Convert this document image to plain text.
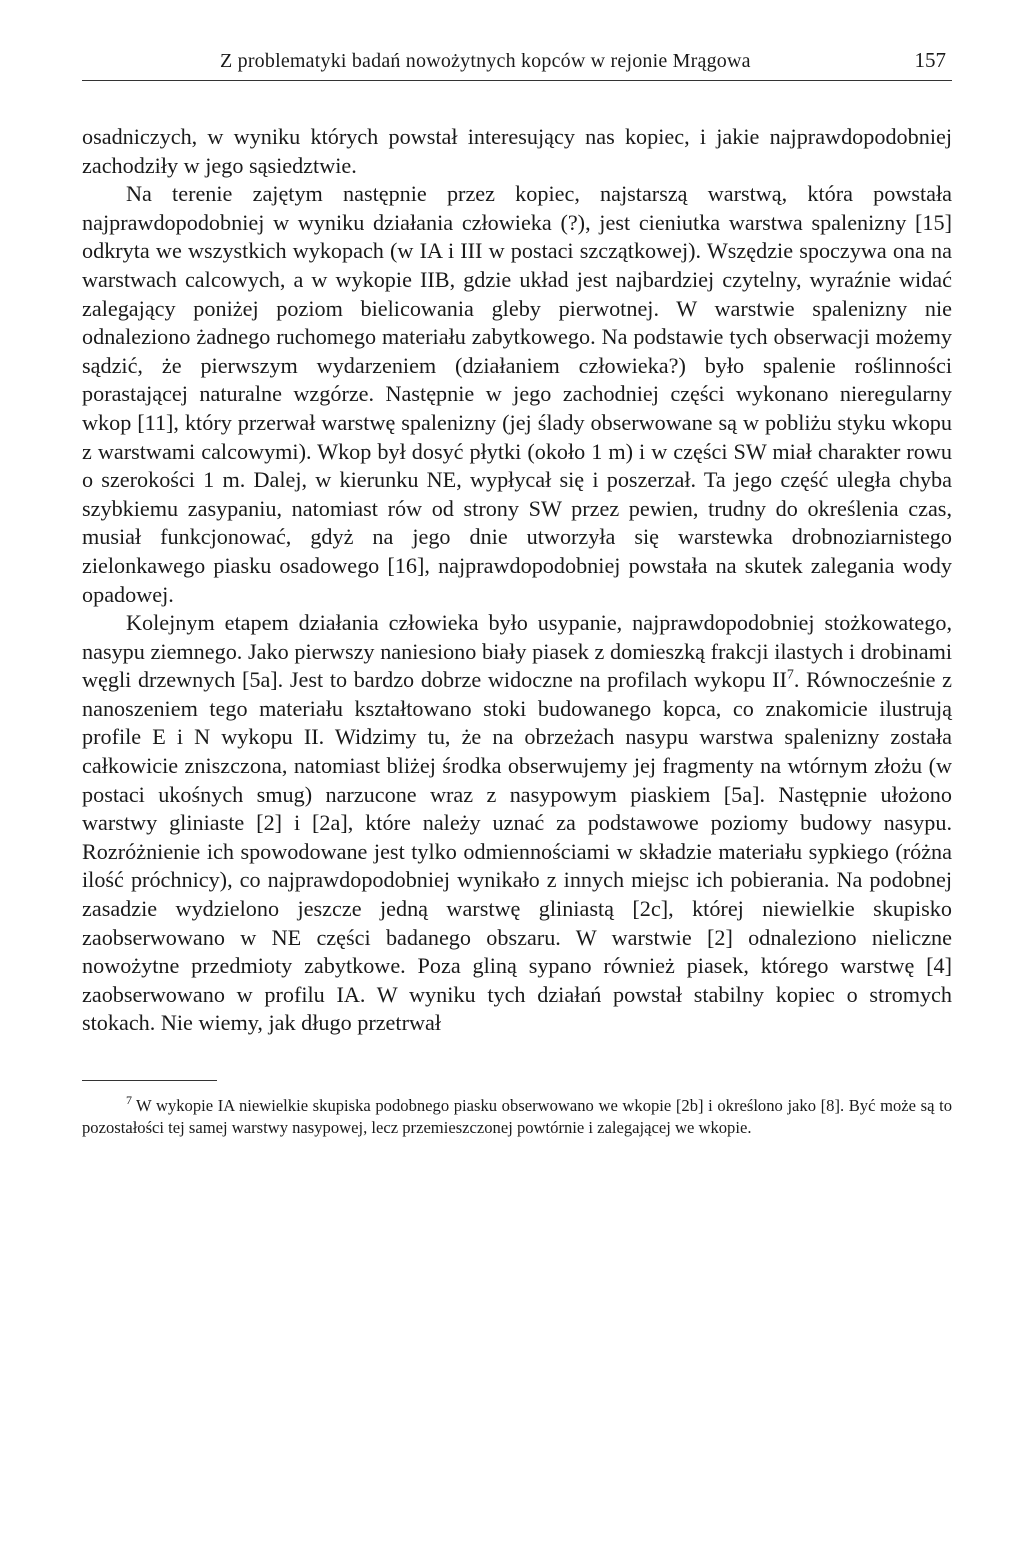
Z problematyki badań nowożytnych kopców w rejonie Mrągowa	157

osadniczych, w wyniku których powstał interesujący nas kopiec, i jakie najprawdopodobniej zachodziły w jego sąsiedztwie.

Na terenie zajętym następnie przez kopiec, najstarszą warstwą, która powstała najprawdopodobniej w wyniku działania człowieka (?), jest cieniutka warstwa spalenizny [15] odkryta we wszystkich wykopach (w IA i III w postaci szczątkowej). Wszędzie spoczywa ona na warstwach calcowych, a w wykopie IIB, gdzie układ jest najbardziej czytelny, wyraźnie widać zalegający poniżej poziom bielicowania gleby pierwotnej. W warstwie spalenizny nie odnaleziono żadnego ruchomego materiału zabytkowego. Na podstawie tych obserwacji możemy sądzić, że pierwszym wydarzeniem (działaniem człowieka?) było spalenie roślinności porastającej naturalne wzgórze. Następnie w jego zachodniej części wykonano nieregularny wkop [11], który przerwał warstwę spalenizny (jej ślady obserwowane są w pobliżu styku wkopu z warstwami calcowymi). Wkop był dosyć płytki (około 1 m) i w części SW miał charakter rowu o szerokości 1 m. Dalej, w kierunku NE, wypłycał się i poszerzał. Ta jego część uległa chyba szybkiemu zasypaniu, natomiast rów od strony SW przez pewien, trudny do określenia czas, musiał funkcjonować, gdyż na jego dnie utworzyła się warstewka drobnoziarnistego zielonkawego piasku osadowego [16], najprawdopodobniej powstała na skutek zalegania wody opadowej.

Kolejnym etapem działania człowieka było usypanie, najprawdopodobniej stożkowatego, nasypu ziemnego. Jako pierwszy naniesiono biały piasek z domieszką frakcji ilastych i drobinami węgli drzewnych [5a]. Jest to bardzo dobrze widoczne na profilach wykopu $II^7$. Równocześnie z nanoszeniem tego materiału kształtowano stoki budowanego kopca, co znakomicie ilustrują profile E i N wykopu II. Widzimy tu, że na obrzeżach nasypu warstwa spalenizny została całkowicie zniszczona, natomiast bliżej środka obserwujemy jej fragmenty na wtórnym złożu (w postaci ukośnych smug) narzucone wraz z nasypowym piaskiem [5a]. Następnie ułożono warstwy gliniaste [2] i [2a], które należy uznać za podstawowe poziomy budowy nasypu. Rozróżnienie ich spowodowane jest tylko odmiennościami w składzie materiału sypkiego (różna ilość próchnicy), co najprawdopodobniej wynikało z innych miejsc ich pobierania. Na podobnej zasadzie wydzielono jeszcze jedną warstwę gliniastą [2c], której niewielkie skupisko zaobserwowano w NE części badanego obszaru. W warstwie [2] odnaleziono nieliczne nowożytne przedmioty zabytkowe. Poza gliną sypano również piasek, którego warstwę [4] zaobserwowano w profilu IA. W wyniku tych działań powstał stabilny kopiec o stromych stokach. Nie wiemy, jak długo przetrwał

$^7$ W wykopie IA niewielkie skupiska podobnego piasku obserwowano we wkopie [2b] i określono jako [8]. Być może są to pozostałości tej samej warstwy nasypowej, lecz przemieszczonej powtórnie i zalegającej we wkopie.
